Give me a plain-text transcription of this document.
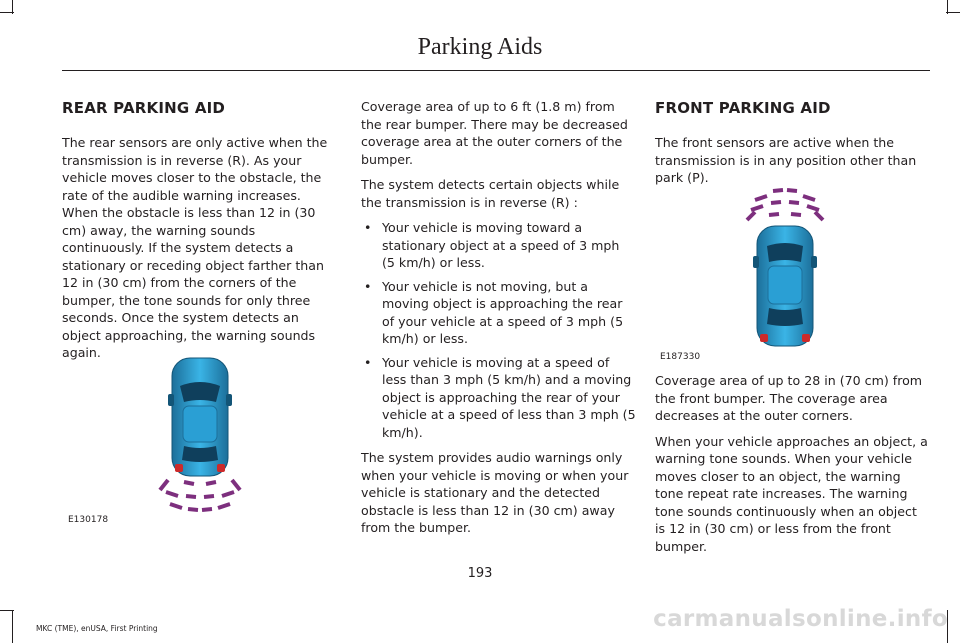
Parking Aids
REAR PARKING AID

The rear sensors are only active when the transmission is in reverse (R). As your vehicle moves closer to the obstacle, the rate of the audible warning increases. When the obstacle is less than 12 in (30 cm) away, the warning sounds continuously. If the system detects a stationary or receding object farther than 12 in (30 cm) from the corners of the bumper, the tone sounds for only three seconds. Once the system detects an object approaching, the warning sounds again.

E130178

Coverage area of up to 6 ft (1.8 m) from the rear bumper. There may be decreased coverage area at the outer corners of the bumper.

The system detects certain objects while the transmission is in reverse (R) :

• Your vehicle is moving toward a stationary object at a speed of 3 mph (5 km/h) or less.
• Your vehicle is not moving, but a moving object is approaching the rear of your vehicle at a speed of 3 mph (5 km/h) or less.
• Your vehicle is moving at a speed of less than 3 mph (5 km/h) and a moving object is approaching the rear of your vehicle at a speed of less than 3 mph (5 km/h).

The system provides audio warnings only when your vehicle is moving or when your vehicle is stationary and the detected obstacle is less than 12 in (30 cm) away from the bumper.

FRONT PARKING AID

The front sensors are active when the transmission is in any position other than park (P).

E187330

Coverage area of up to 28 in (70 cm) from the front bumper. The coverage area decreases at the outer corners.

When your vehicle approaches an object, a warning tone sounds. When your vehicle moves closer to an object, the warning tone repeat rate increases. The warning tone sounds continuously when an object is 12 in (30 cm) or less from the front bumper.

193
MKC (TME), enUSA, First Printing	carmanualsonline.info
